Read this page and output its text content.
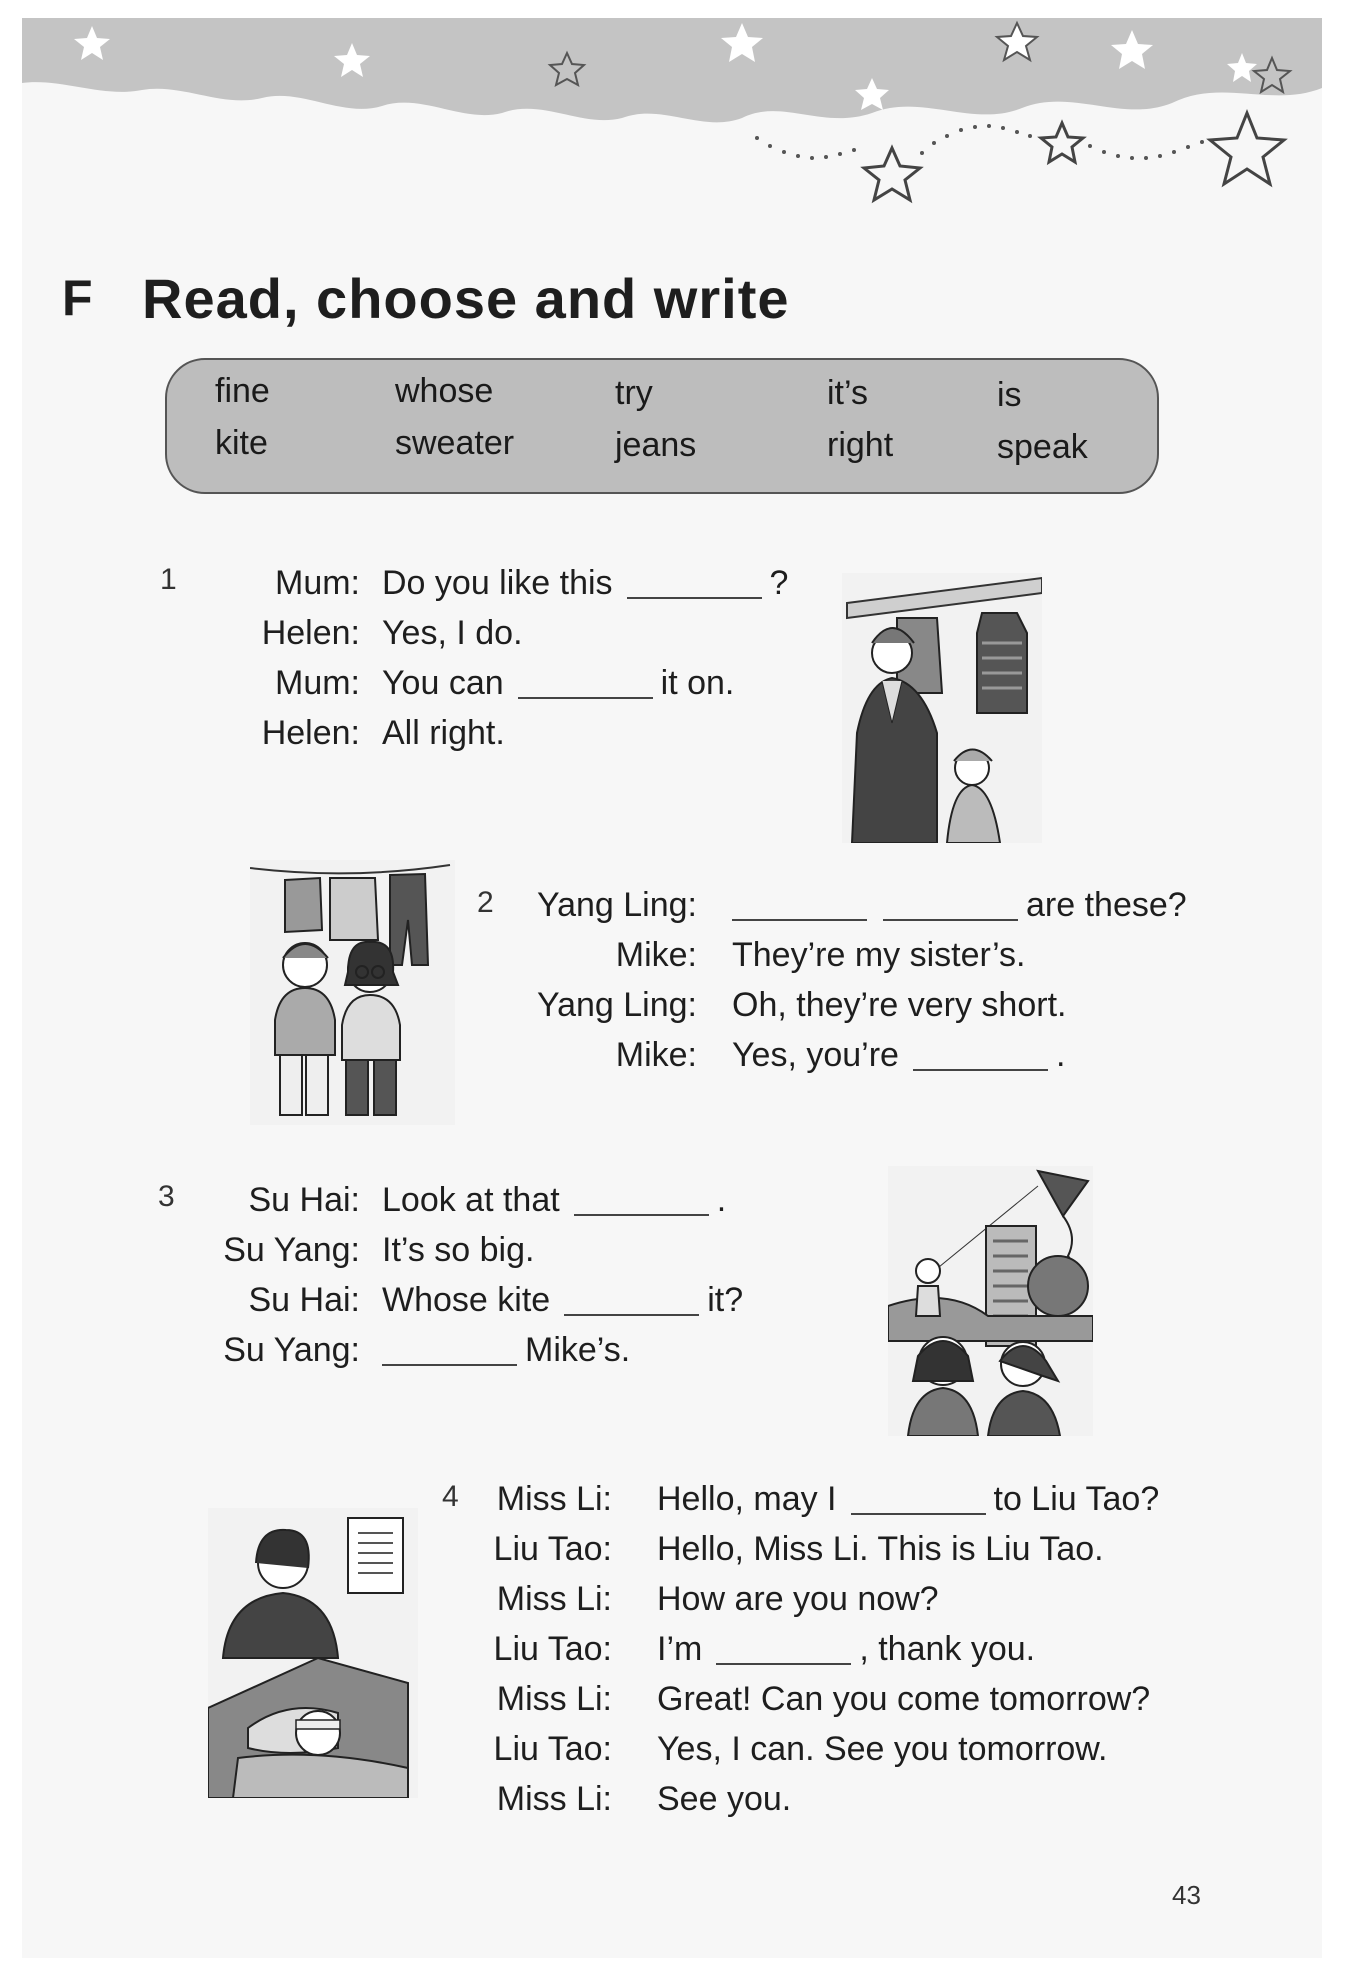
F Read, choose and write
fine	whose	try	it’s	is
kite	sweater	jeans	right	speak
1	Mum: Do you like this	?
Helen: Yes, I do.
Mum: You can	it on.
Helen: All right.
2	Yang Ling:	are these?
Mike: They’re my sister’s.
Yang Ling: Oh, they’re very short.
Mike: Yes, you’re	.
3	Su Hai: Look at that	.
Su Yang: It’s so big.
Su Hai: Whose kite	it?
Su Yang:	Mike’s.
4	Miss Li: Hello, may I	to Liu Tao?
Liu Tao: Hello, Miss Li. This is Liu Tao.
Miss Li: How are you now?
Liu Tao: I’m	, thank you.
Miss Li: Great! Can you come tomorrow?
Liu Tao: Yes, I can. See you tomorrow.
Miss Li: See you.
43
